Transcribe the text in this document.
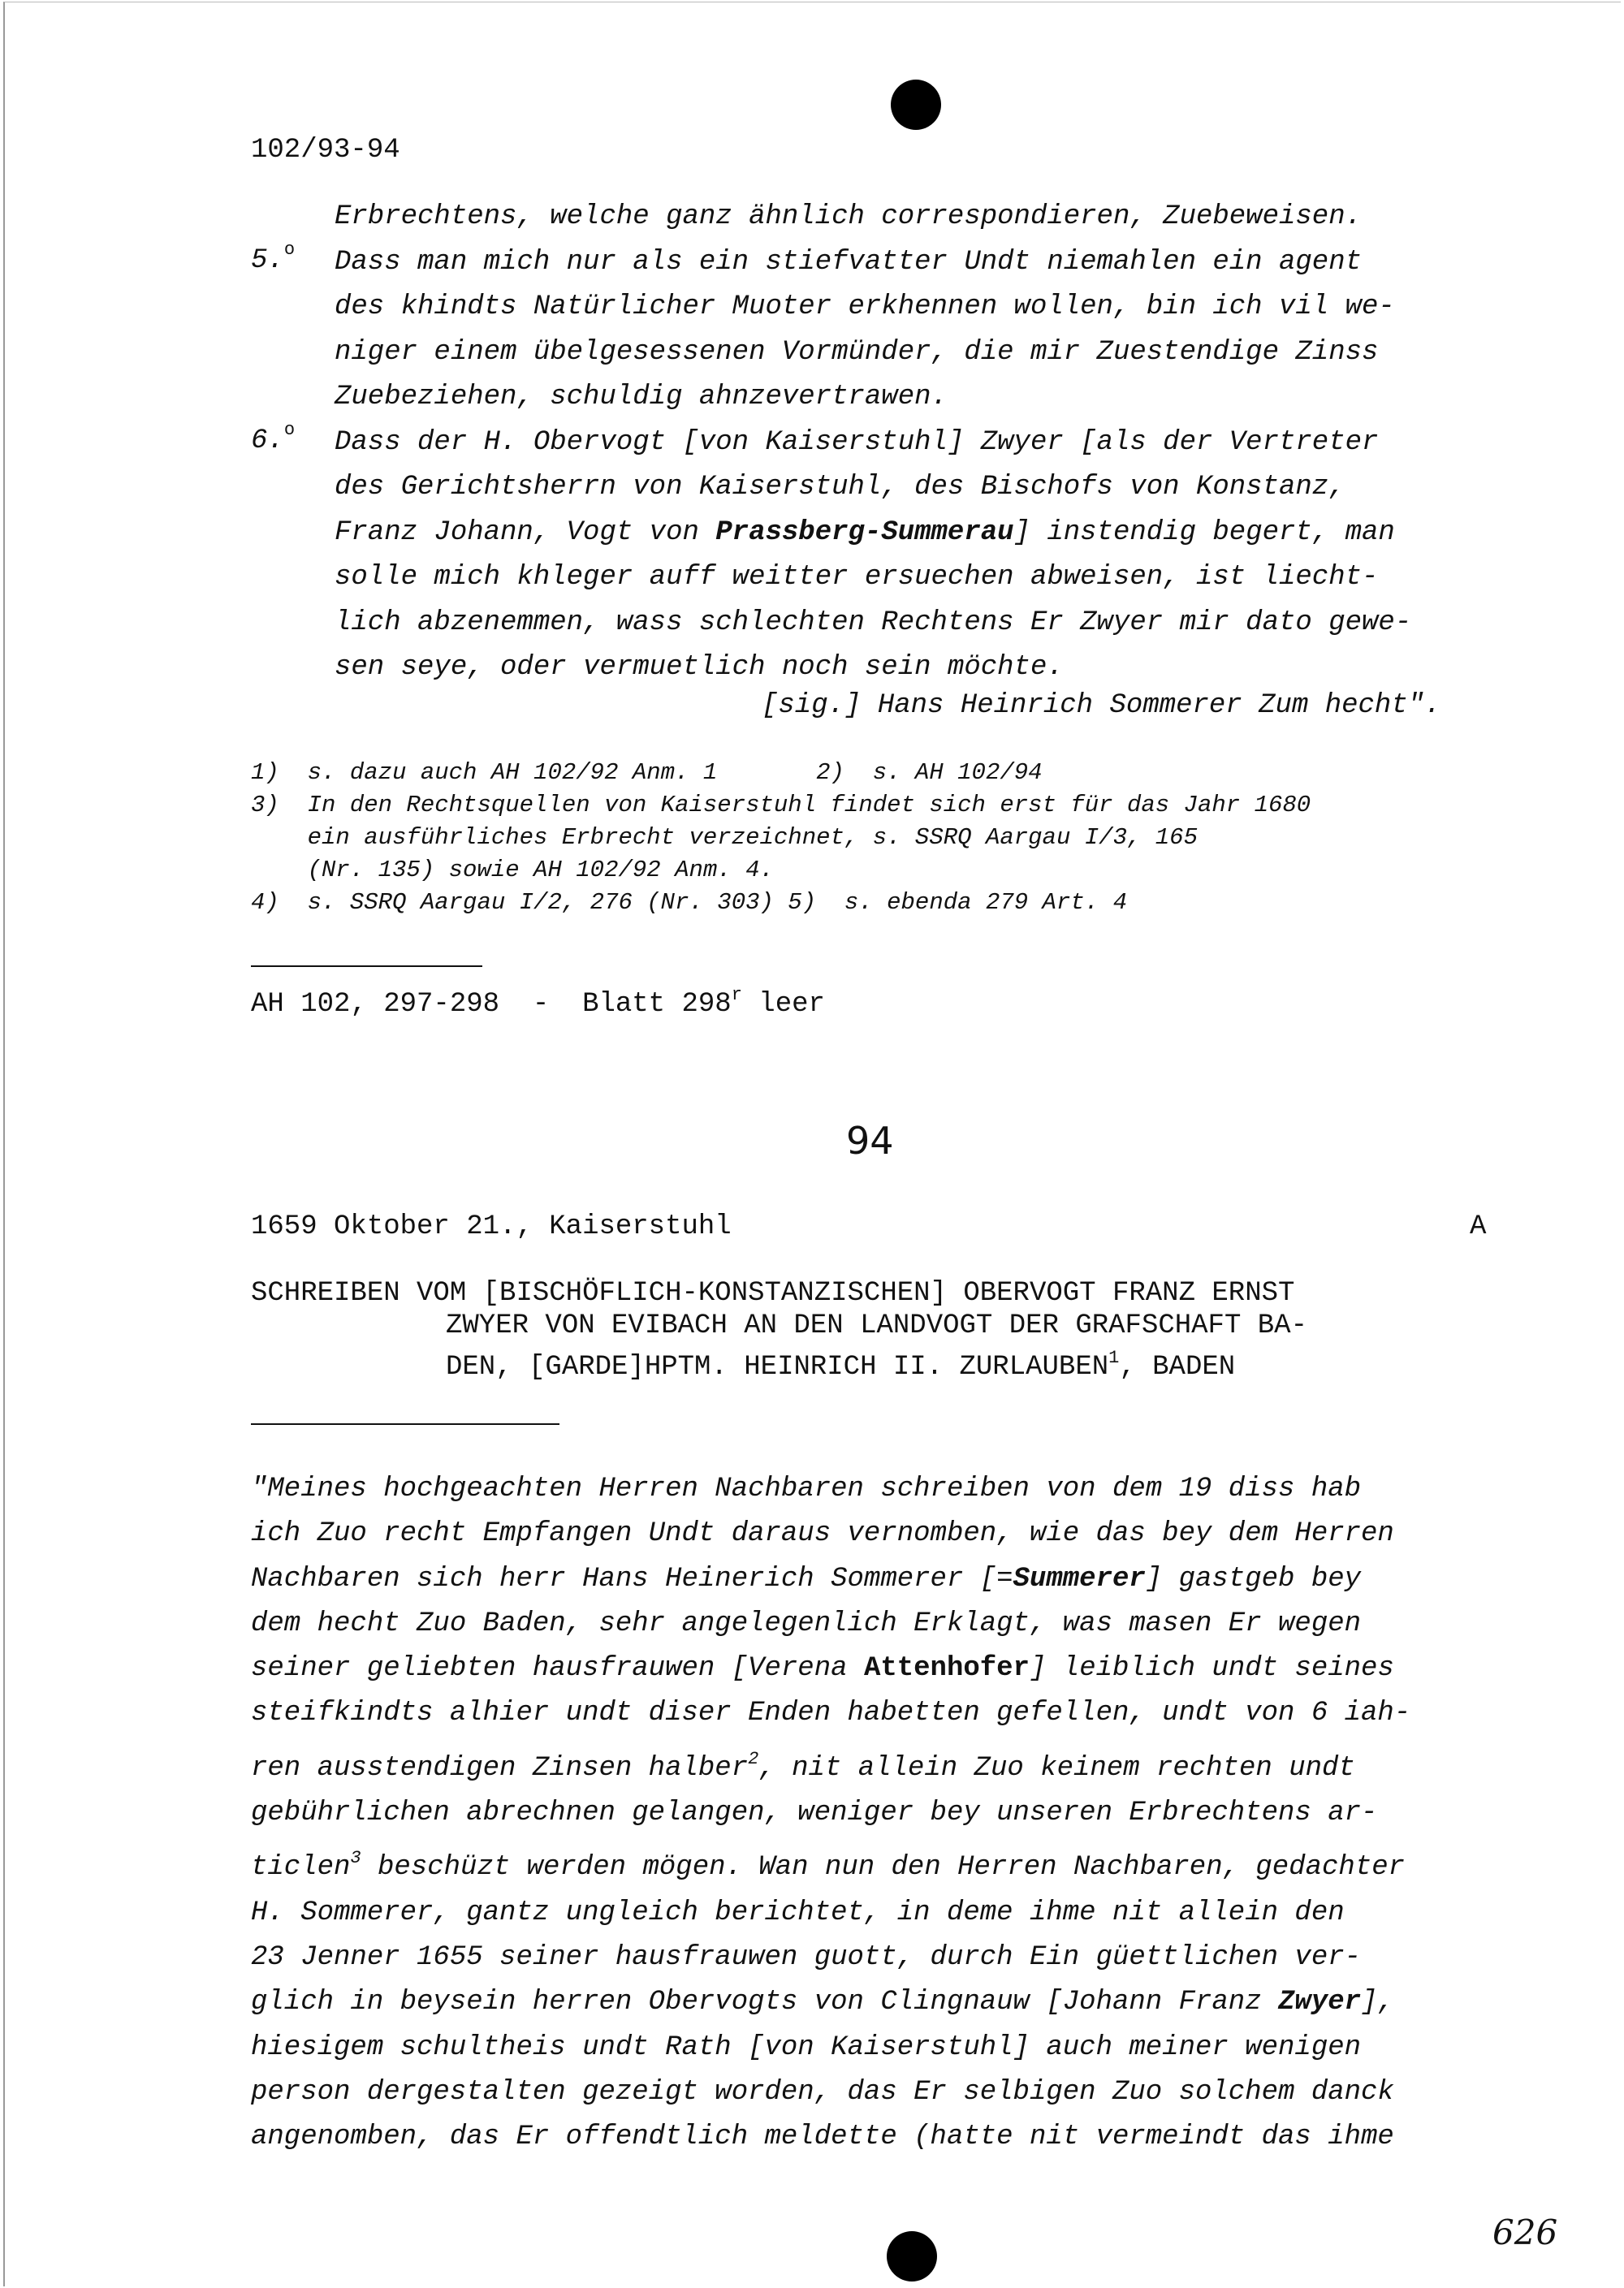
102/93-94
Erbrechtens, welche ganz ähnlich correspondieren, Zuebeweisen.
Dass man mich nur als ein stiefvatter Undt niemahlen ein agent
des khindts Natürlicher Muoter erkhennen wollen, bin ich vil we-
niger einem übelgesessenen Vormünder, die mir Zuestendige Zinss
Zuebeziehen, schuldig ahnzevertrawen.
Dass der H. Obervogt [von Kaiserstuhl] Zwyer [als der Vertreter
des Gerichtsherrn von Kaiserstuhl, des Bischofs von Konstanz,
Franz Johann, Vogt von Prassberg-Summerau] instendig begert, man
solle mich khleger auff weitter ersuechen abweisen, ist liecht-
lich abzenemmen, wass schlechten Rechtens Er Zwyer mir dato gewe-
sen seye, oder vermuetlich noch sein möchte.
5.$^o$
6.$^o$
[sig.] Hans Heinrich Sommerer Zum hecht".
1)  s. dazu auch AH 102/92 Anm. 1       2)  s. AH 102/94
3)  In den Rechtsquellen von Kaiserstuhl findet sich erst für das Jahr 1680
ein ausführliches Erbrecht verzeichnet, s. SSRQ Aargau I/3, 165
(Nr. 135) sowie AH 102/92 Anm. 4.
4)  s. SSRQ Aargau I/2, 276 (Nr. 303) 5)  s. ebenda 279 Art. 4
AH 102, 297-298  -  Blatt 298$^r$ leer
94
1659 Oktober 21., Kaiserstuhl	A
SCHREIBEN VOM [BISCHÖFLICH-KONSTANZISCHEN] OBERVOGT FRANZ ERNST
ZWYER VON EVIBACH AN DEN LANDVOGT DER GRAFSCHAFT BA-
DEN, [GARDE]HPTM. HEINRICH II. ZURLAUBEN$^1$, BADEN
"Meines hochgeachten Herren Nachbaren schreiben von dem 19 diss hab
ich Zuo recht Empfangen Undt daraus vernomben, wie das bey dem Herren
Nachbaren sich herr Hans Heinerich Sommerer [=Summerer] gastgeb bey
dem hecht Zuo Baden, sehr angelegenlich Erklagt, was masen Er wegen
seiner geliebten hausfrauwen [Verena Attenhofer] leiblich undt seines
steifkindts alhier undt diser Enden habetten gefellen, undt von 6 iah-
ren ausstendigen Zinsen halber$^2$, nit allein Zuo keinem rechten undt
gebührlichen abrechnen gelangen, weniger bey unseren Erbrechtens ar-
ticlen$^3$ beschüzt werden mögen. Wan nun den Herren Nachbaren, gedachter
H. Sommerer, gantz ungleich berichtet, in deme ihme nit allein den
23 Jenner 1655 seiner hausfrauwen guott, durch Ein güettlichen ver-
glich in beysein herren Obervogts von Clingnauw [Johann Franz Zwyer],
hiesigem schultheis undt Rath [von Kaiserstuhl] auch meiner wenigen
person dergestalten gezeigt worden, das Er selbigen Zuo solchem danck
angenomben, das Er offendtlich meldette (hatte nit vermeindt das ihme
626
